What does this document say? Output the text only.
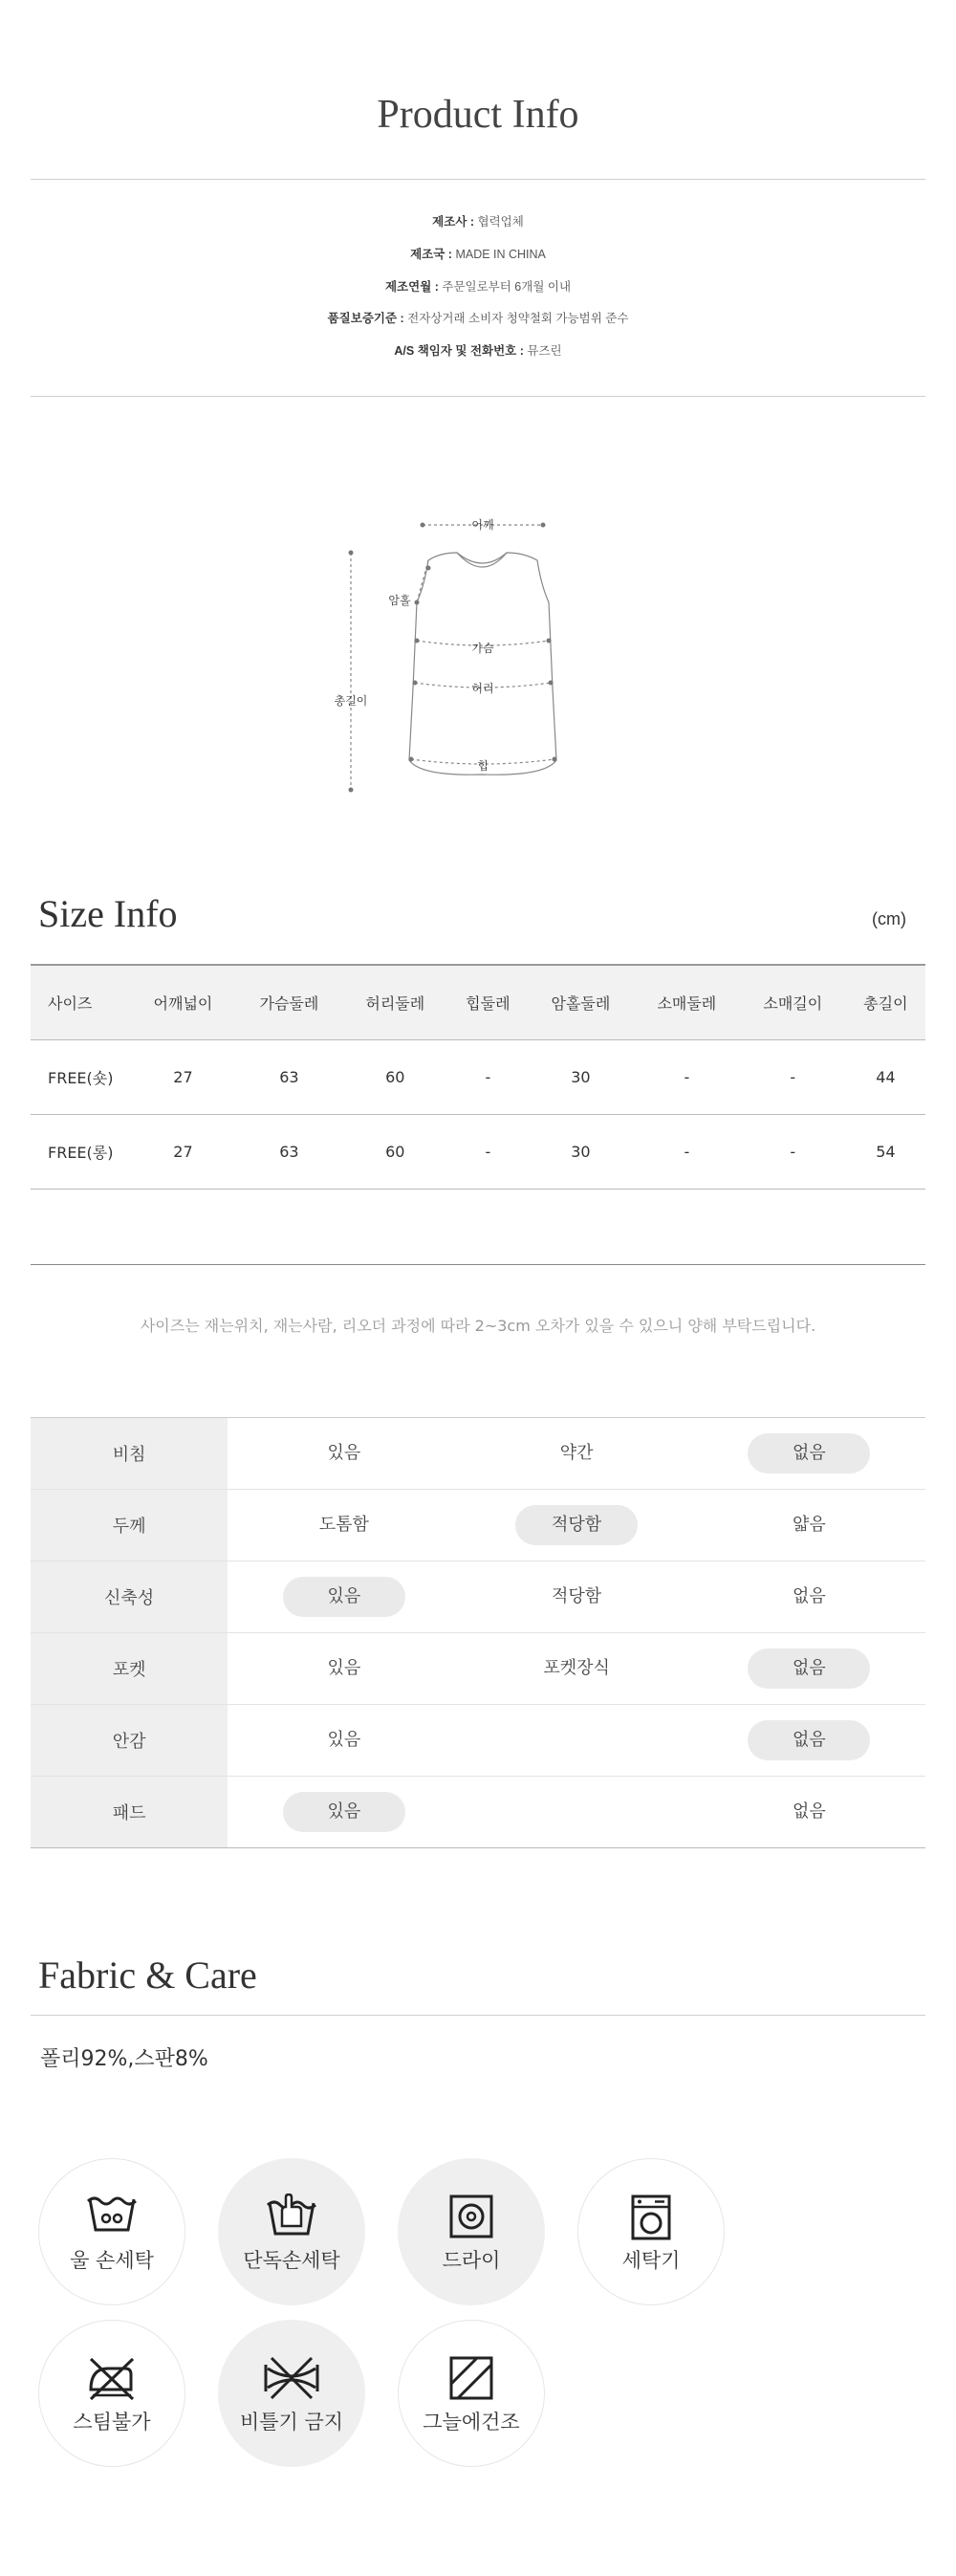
Product Info
제조사 : 협력업체
제조국 : MADE IN CHINA
제조연월 : 주문일로부터 6개월 이내
품질보증기준 : 전자상거래 소비자 청약철회 가능범위 준수
A/S 책임자 및 전화번호 : 뮤즈린
어깨
암홀
가슴
허리
총길이
힙
Size Info	(cm)
사이즈	어깨넓이	가슴둘레	허리둘레	힙둘레	암홀둘레	소매둘레	소매길이	총길이
FREE(숏)	27	63	60	-	30	-	-	44
FREE(롱)	27	63	60	-	30	-	-	54
사이즈는 재는위치, 재는사람, 리오더 과정에 따라 2~3cm 오차가 있을 수 있으니 양해 부탁드립니다.
비침	있음	약간	없음
두께	도톰함	적당함	얇음
신축성	있음	적당함	없음
포켓	있음	포켓장식	없음
안감	있음		없음
패드	있음		없음
Fabric & Care
폴리92%,스판8%
울 손세탁	단독손세탁	드라이	세탁기
스팀불가	비틀기 금지	그늘에건조
